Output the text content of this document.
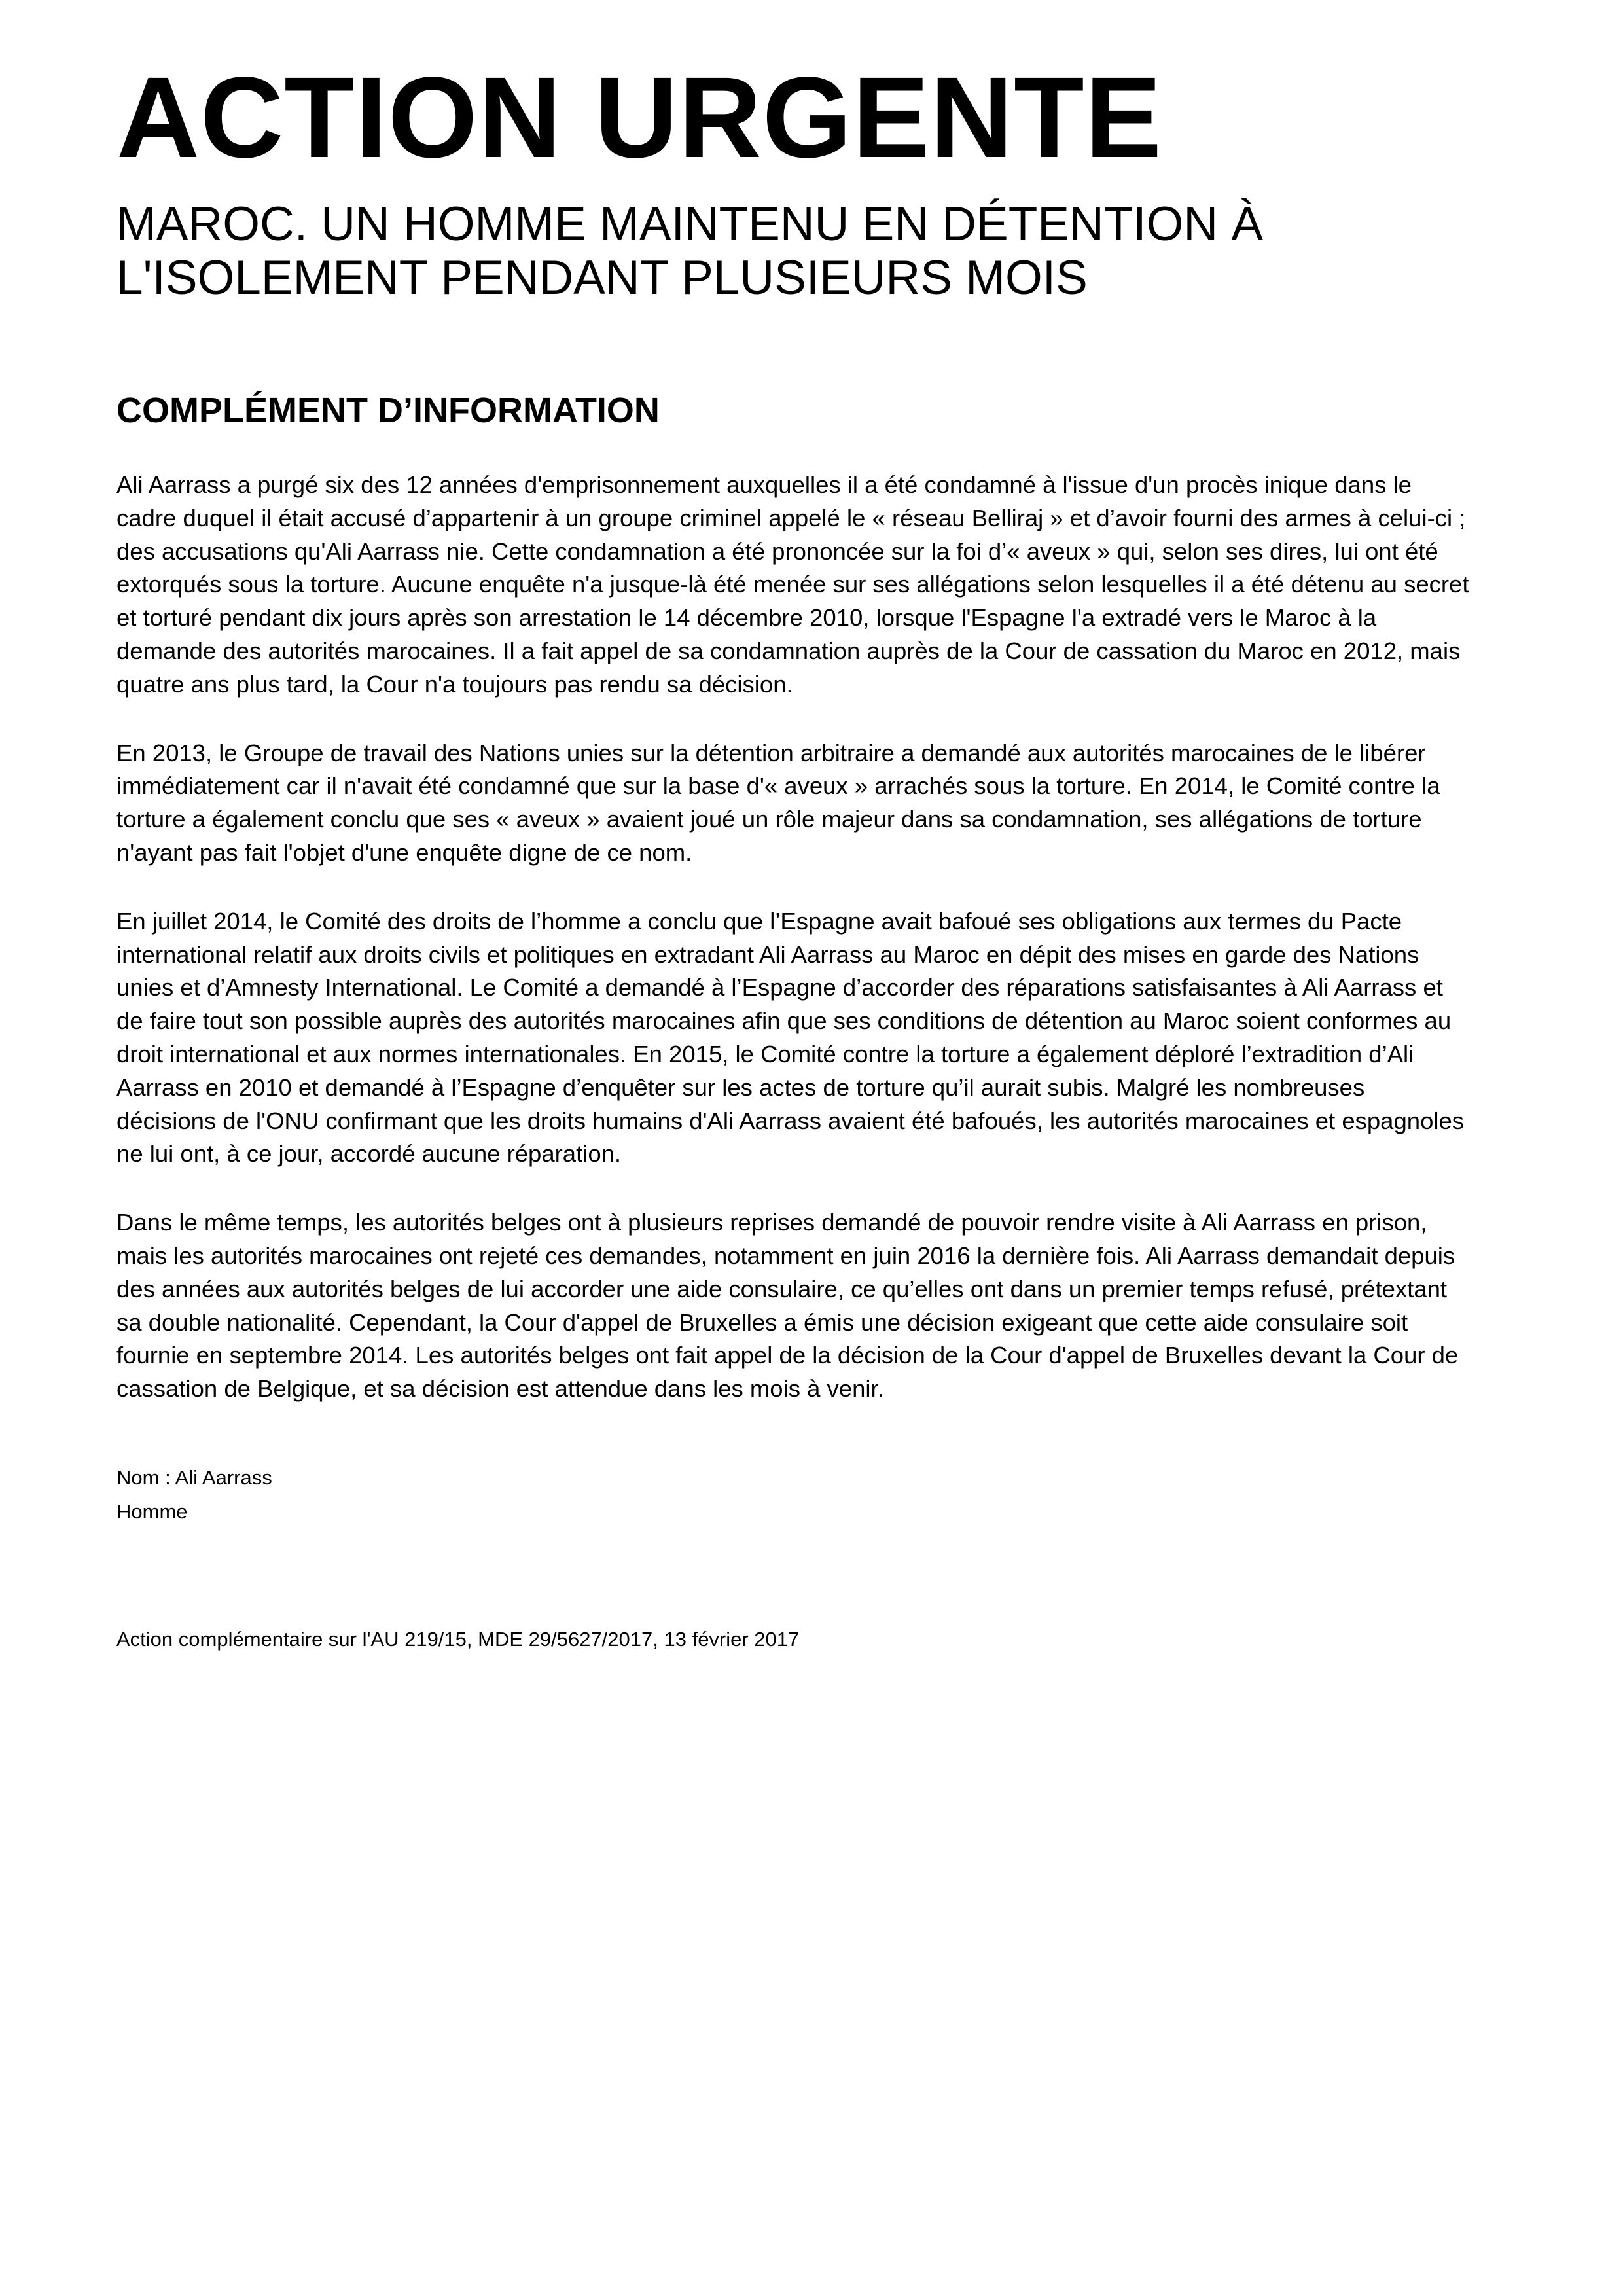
ACTION URGENTE
MAROC. UN HOMME MAINTENU EN DÉTENTION À
L'ISOLEMENT PENDANT PLUSIEURS MOIS
COMPLÉMENT D’INFORMATION

Ali Aarrass a purgé six des 12 années d'emprisonnement auxquelles il a été condamné à l'issue d'un procès inique dans le
cadre duquel il était accusé d’appartenir à un groupe criminel appelé le « réseau Belliraj » et d’avoir fourni des armes à celui-ci ;
des accusations qu'Ali Aarrass nie. Cette condamnation a été prononcée sur la foi d’« aveux » qui, selon ses dires, lui ont été
extorqués sous la torture. Aucune enquête n'a jusque-là été menée sur ses allégations selon lesquelles il a été détenu au secret
et torturé pendant dix jours après son arrestation le 14 décembre 2010, lorsque l'Espagne l'a extradé vers le Maroc à la
demande des autorités marocaines. Il a fait appel de sa condamnation auprès de la Cour de cassation du Maroc en 2012, mais
quatre ans plus tard, la Cour n'a toujours pas rendu sa décision.

En 2013, le Groupe de travail des Nations unies sur la détention arbitraire a demandé aux autorités marocaines de le libérer
immédiatement car il n'avait été condamné que sur la base d'« aveux » arrachés sous la torture. En 2014, le Comité contre la
torture a également conclu que ses « aveux » avaient joué un rôle majeur dans sa condamnation, ses allégations de torture
n'ayant pas fait l'objet d'une enquête digne de ce nom.

En juillet 2014, le Comité des droits de l’homme a conclu que l’Espagne avait bafoué ses obligations aux termes du Pacte
international relatif aux droits civils et politiques en extradant Ali Aarrass au Maroc en dépit des mises en garde des Nations
unies et d’Amnesty International. Le Comité a demandé à l’Espagne d’accorder des réparations satisfaisantes à Ali Aarrass et
de faire tout son possible auprès des autorités marocaines afin que ses conditions de détention au Maroc soient conformes au
droit international et aux normes internationales. En 2015, le Comité contre la torture a également déploré l’extradition d’Ali
Aarrass en 2010 et demandé à l’Espagne d’enquêter sur les actes de torture qu’il aurait subis. Malgré les nombreuses
décisions de l'ONU confirmant que les droits humains d'Ali Aarrass avaient été bafoués, les autorités marocaines et espagnoles
ne lui ont, à ce jour, accordé aucune réparation.

Dans le même temps, les autorités belges ont à plusieurs reprises demandé de pouvoir rendre visite à Ali Aarrass en prison,
mais les autorités marocaines ont rejeté ces demandes, notamment en juin 2016 la dernière fois. Ali Aarrass demandait depuis
des années aux autorités belges de lui accorder une aide consulaire, ce qu’elles ont dans un premier temps refusé, prétextant
sa double nationalité. Cependant, la Cour d'appel de Bruxelles a émis une décision exigeant que cette aide consulaire soit
fournie en septembre 2014. Les autorités belges ont fait appel de la décision de la Cour d'appel de Bruxelles devant la Cour de
cassation de Belgique, et sa décision est attendue dans les mois à venir.

Nom : Ali Aarrass
Homme
Action complémentaire sur l'AU 219/15, MDE 29/5627/2017, 13 février 2017
